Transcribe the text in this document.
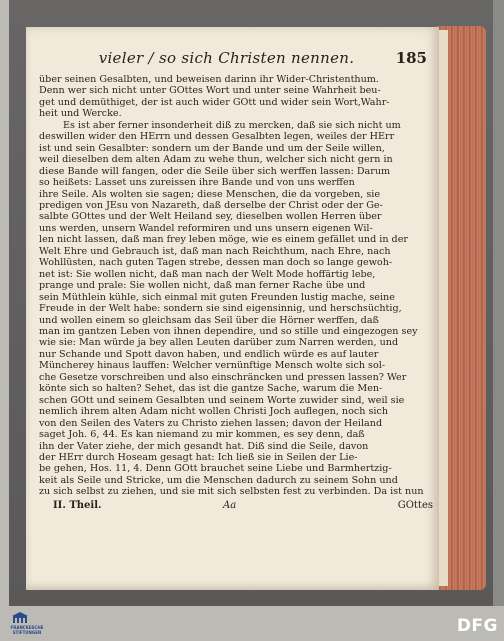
vieler / so sich Christen nennen.	185
über seinen Gesalbten, und beweisen darinn ihr Wider-Christenthum.
Denn wer sich nicht unter GOttes Wort und unter seine Wahrheit beu-
get und demüthiget, der ist auch wider GOtt und wider sein Wort,Wahr-
heit und Wercke.
Es ist aber ferner insonderheit diß zu mercken, daß sie sich nicht um
deswillen wider den HErrn und dessen Gesalbten legen, weiles der HErr
ist und sein Gesalbter: sondern um der Bande und um der Seile willen,
weil dieselben dem alten Adam zu wehe thun, welcher sich nicht gern in
diese Bande will fangen, oder die Seile über sich werffen lassen: Darum
so heißets: Lasset uns zureissen ihre Bande und von uns werffen
ihre Seile. Als wolten sie sagen; diese Menschen, die da vorgeben, sie
predigen von JEsu von Nazareth, daß derselbe der Christ oder der Ge-
salbte GOttes und der Welt Heiland sey, dieselben wollen Herren über
uns werden, unsern Wandel reformiren und uns unsern eigenen Wil-
len nicht lassen, daß man frey leben möge, wie es einem gefället und in der
Welt Ehre und Gebrauch ist, daß man nach Reichthum, nach Ehre, nach
Wohllüsten, nach guten Tagen strebe, dessen man doch so lange gewoh-
net ist: Sie wollen nicht, daß man nach der Welt Mode hoffärtig lebe,
prange und prale: Sie wollen nicht, daß man ferner Rache übe und
sein Müthlein kühle, sich einmal mit guten Freunden lustig mache, seine
Freude in der Welt habe: sondern sie sind eigensinnig, und herschsüchtig,
und wollen einem so gleichsam das Seil über die Hörner werffen, daß
man im gantzen Leben von ihnen dependire, und so stille und eingezogen sey
wie sie: Man würde ja bey allen Leuten darüber zum Narren werden, und
nur Schande und Spott davon haben, und endlich würde es auf lauter
Müncherey hinaus lauffen: Welcher vernünftige Mensch wolte sich sol-
che Gesetze vorschreiben und also einschräncken und pressen lassen? Wer
könte sich so halten? Sehet, das ist die gantze Sache, warum die Men-
schen GOtt und seinem Gesalbten und seinem Worte zuwider sind, weil sie
nemlich ihrem alten Adam nicht wollen Christi Joch auflegen, noch sich
von den Seilen des Vaters zu Christo ziehen lassen; davon der Heiland
saget Joh. 6, 44. Es kan niemand zu mir kommen, es sey denn, daß
ihn der Vater ziehe, der mich gesandt hat. Diß sind die Seile, davon
der HErr durch Hoseam gesagt hat: Ich ließ sie in Seilen der Lie-
be gehen, Hos. 11, 4. Denn GOtt brauchet seine Liebe und Barmhertzig-
keit als Seile und Stricke, um die Menschen dadurch zu seinem Sohn und
zu sich selbst zu ziehen, und sie mit sich selbsten fest zu verbinden. Da ist nun
II. Theil.	Aa	GOttes
FRANCKESCHE STIFTUNGEN	DFG
